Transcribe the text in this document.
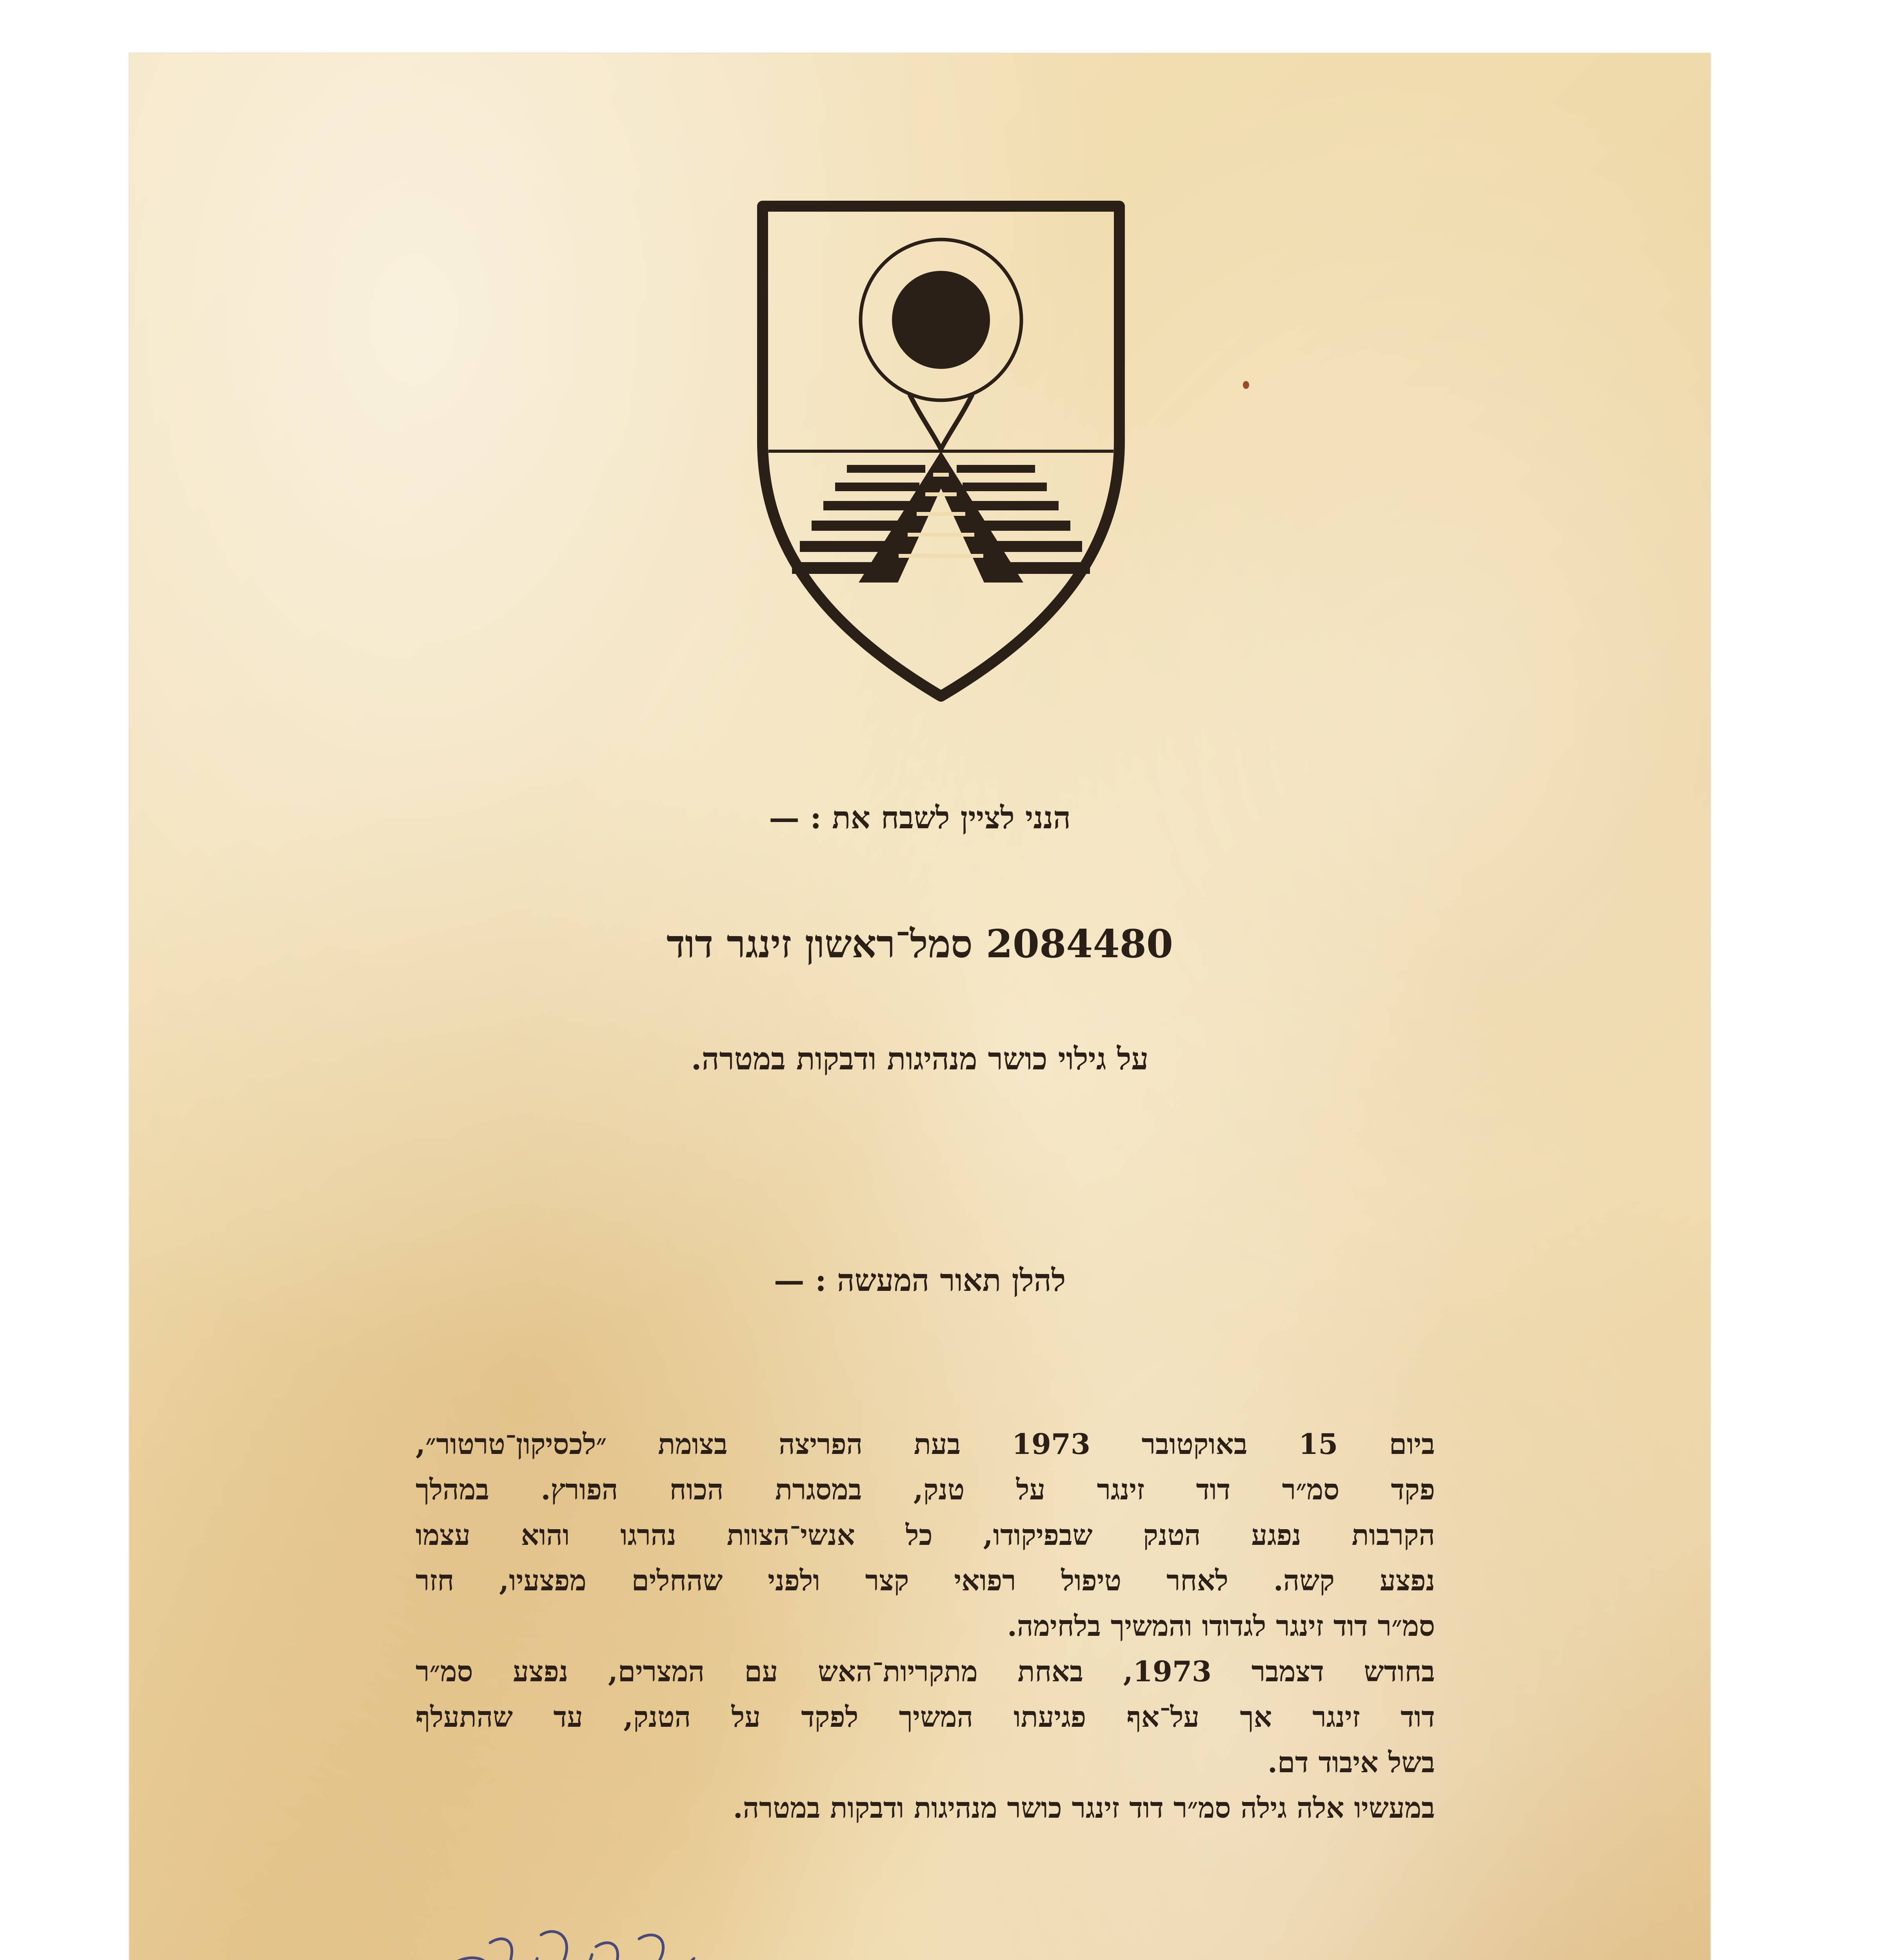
הנני לציין לשבח את : —
2084480 סמל־ראשון זינגר דוד
על גילוי כושר מנהיגות ודבקות במטרה.
להלן תאור המעשה : —
ביום 15 באוקטובר 1973 בעת הפריצה בצומת ״לכסיקון־טרטור״,
פקד סמ״ר דוד זינגר על טנק, במסגרת הכוח הפורץ. במהלך
הקרבות נפגע הטנק שבפיקודו, כל אנשי־הצוות נהרגו והוא עצמו
נפצע קשה. לאחר טיפול רפואי קצר ולפני שהחלים מפצעיו, חזר
סמ״ר דוד זינגר לגדודו והמשיך בלחימה.
בחודש דצמבר 1973, באחת מתקריות־האש עם המצרים, נפצע סמ״ר
דוד זינגר אך על־אף פגיעתו המשיך לפקד על הטנק, עד שהתעלף
בשל איבוד דם.
במעשיו אלה גילה סמ״ר דוד זינגר כושר מנהיגות ודבקות במטרה.
